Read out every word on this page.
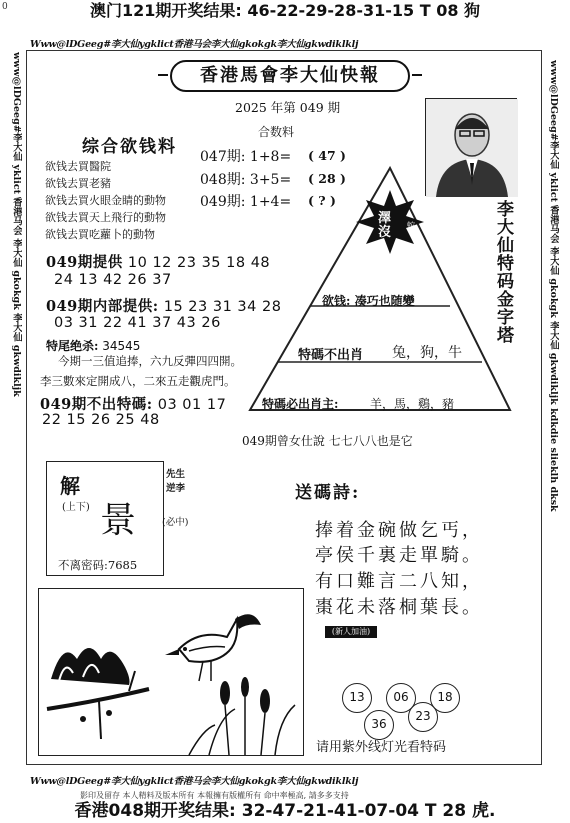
澳门121期开奖结果: 46-22-29-28-31-15 T 08 狗
0
Www@lDGeeg#李大仙ygklict香港马会李大仙gkokgk李大仙gkwdiklklj
www@lDGeeg#李大仙 yklict 香港马会 李大仙 gkokgk 李大仙 gkwdikljk	www@lDGeeg#李大仙 yklict 香港马会 李大仙 gkokgk 李大仙 gkwdikljk kdkdie slieklh dksk
香港馬會李大仙快報
2025 年第 049 期
合数料
综合欲钱料
欲钱去買醫院
欲钱去買老豬
欲钱去買火眼金睛的動物
欲钱去買天上飛行的動物
欲钱去買吃蘿卜的動物
047期: 1+8= ( 47 )
048期: 3+5= ( 28 )
049期: 1+4= ( ? )
澤
沒 蛇
欲钱: 凑巧也随變
特碼不出肖 兔，狗，牛
特碼必出肖主:	羊，馬，鷄，豬
李大仙特码金字塔
049期提供 10 12 23 35 18 48
24 13 42 26 37
049期内部提供: 15 23 31 34 28
03 31 22 41 37 43 26
特尾绝杀: 34545
今期一三值追捧，六九反彈四四開。
李三數來定開成八，二來五走觀虎門。
049期不出特碼: 03 01 17
22 15 26 25 48
049期曾女仕說 七七八八也是它
解
(上下) 景
先生
逆李
(必中)
不离密码:7685
送碼詩:
捧着金碗做乞丐，
亭侯千裏走單騎。
有口難言二八知，
棗花未落桐葉長。
(新人加油)
13	06	18
36
23
请用紫外线灯光看特码
Www@lDGeeg#李大仙ygklict香港马会李大仙gkokgk李大仙gkwdiklklj
影印及留存 本人精料及版本所有 本報擁有版權所有 命中率極高, 請多多支持
香港048期开奖结果: 32-47-21-41-07-04 T 28 虎.
